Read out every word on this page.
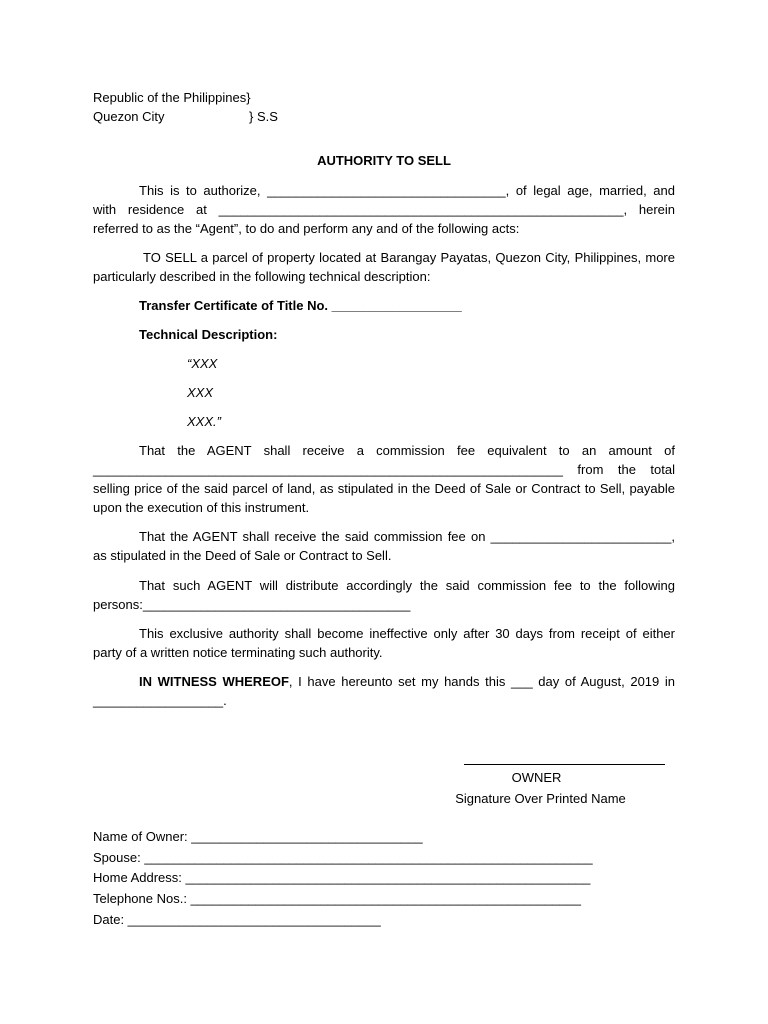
Republic of the Philippines}
Quezon City	} S.S
AUTHORITY TO SELL
This is to authorize, _________________________________, of legal age, married, and with residence at ________________________________________________________, herein referred to as the “Agent”, to do and perform any and of the following acts:
TO SELL a parcel of property located at Barangay Payatas, Quezon City, Philippines, more particularly described in the following technical description:
Transfer Certificate of Title No. __________________
Technical Description:
“XXX
XXX
XXX.”
That the AGENT shall receive a commission fee equivalent to an amount of _________________________________________________________________ from the total selling price of the said parcel of land, as stipulated in the Deed of Sale or Contract to Sell, payable upon the execution of this instrument.
That the AGENT shall receive the said commission fee on _________________________, as stipulated in the Deed of Sale or Contract to Sell.
That such AGENT will distribute accordingly the said commission fee to the following persons:_____________________________________
This exclusive authority shall become ineffective only after 30 days from receipt of either party of a written notice terminating such authority.
IN WITNESS WHEREOF, I have hereunto set my hands this ___ day of August, 2019 in __________________.
OWNER
Signature Over Printed Name
Name of Owner: ________________________________
Spouse: ______________________________________________________________
Home Address: ________________________________________________________
Telephone Nos.: ______________________________________________________
Date: ___________________________________
